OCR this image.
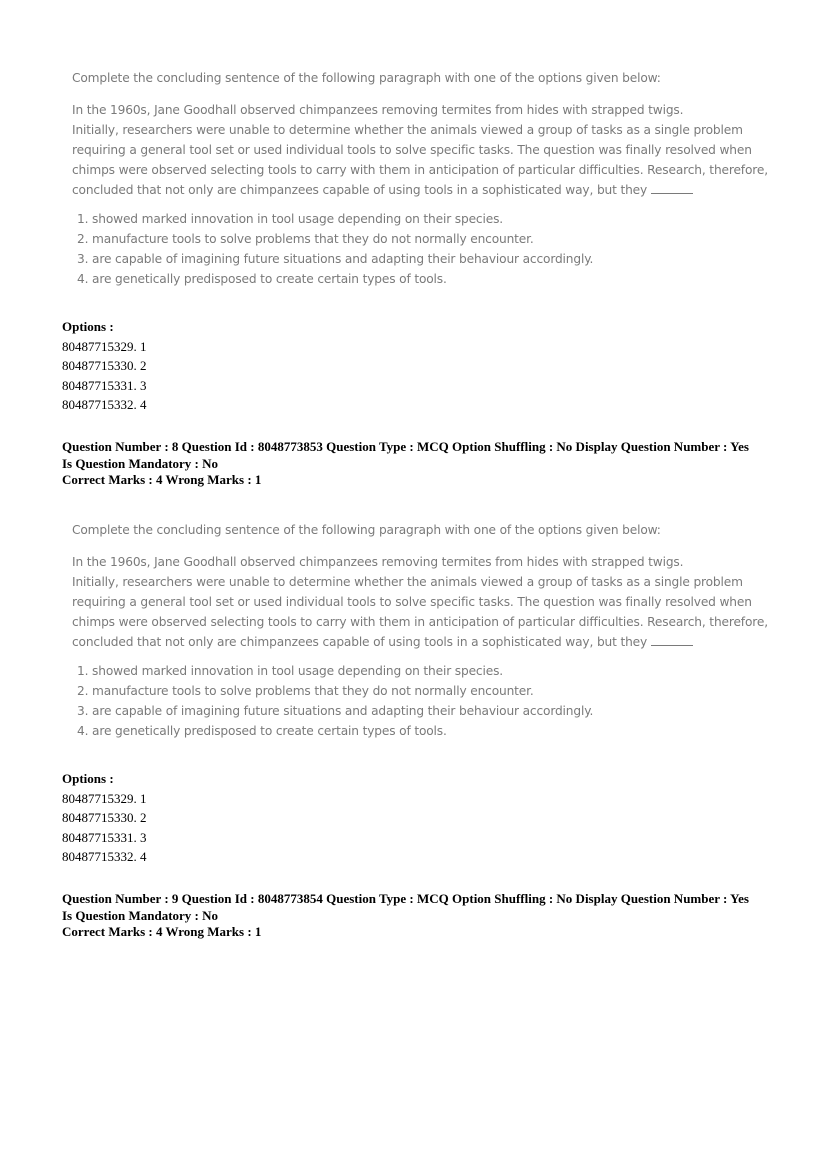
Complete the concluding sentence of the following paragraph with one of the options given below:

In the 1960s, Jane Goodhall observed chimpanzees removing termites from hides with strapped twigs.
Initially, researchers were unable to determine whether the animals viewed a group of tasks as a single problem
requiring a general tool set or used individual tools to solve specific tasks. The question was finally resolved when
chimps were observed selecting tools to carry with them in anticipation of particular difficulties. Research, therefore,
concluded that not only are chimpanzees capable of using tools in a sophisticated way, but they
1. showed marked innovation in tool usage depending on their species.
2. manufacture tools to solve problems that they do not normally encounter.
3. are capable of imagining future situations and adapting their behaviour accordingly.
4. are genetically predisposed to create certain types of tools.
Options :
80487715329. 1
80487715330. 2
80487715331. 3
80487715332. 4
Question Number : 8 Question Id : 8048773853 Question Type : MCQ Option Shuffling : No Display Question Number : Yes
Is Question Mandatory : No
Correct Marks : 4 Wrong Marks : 1

Complete the concluding sentence of the following paragraph with one of the options given below:

In the 1960s, Jane Goodhall observed chimpanzees removing termites from hides with strapped twigs.
Initially, researchers were unable to determine whether the animals viewed a group of tasks as a single problem
requiring a general tool set or used individual tools to solve specific tasks. The question was finally resolved when
chimps were observed selecting tools to carry with them in anticipation of particular difficulties. Research, therefore,
concluded that not only are chimpanzees capable of using tools in a sophisticated way, but they
1. showed marked innovation in tool usage depending on their species.
2. manufacture tools to solve problems that they do not normally encounter.
3. are capable of imagining future situations and adapting their behaviour accordingly.
4. are genetically predisposed to create certain types of tools.
Options :
80487715329. 1
80487715330. 2
80487715331. 3
80487715332. 4
Question Number : 9 Question Id : 8048773854 Question Type : MCQ Option Shuffling : No Display Question Number : Yes
Is Question Mandatory : No
Correct Marks : 4 Wrong Marks : 1
